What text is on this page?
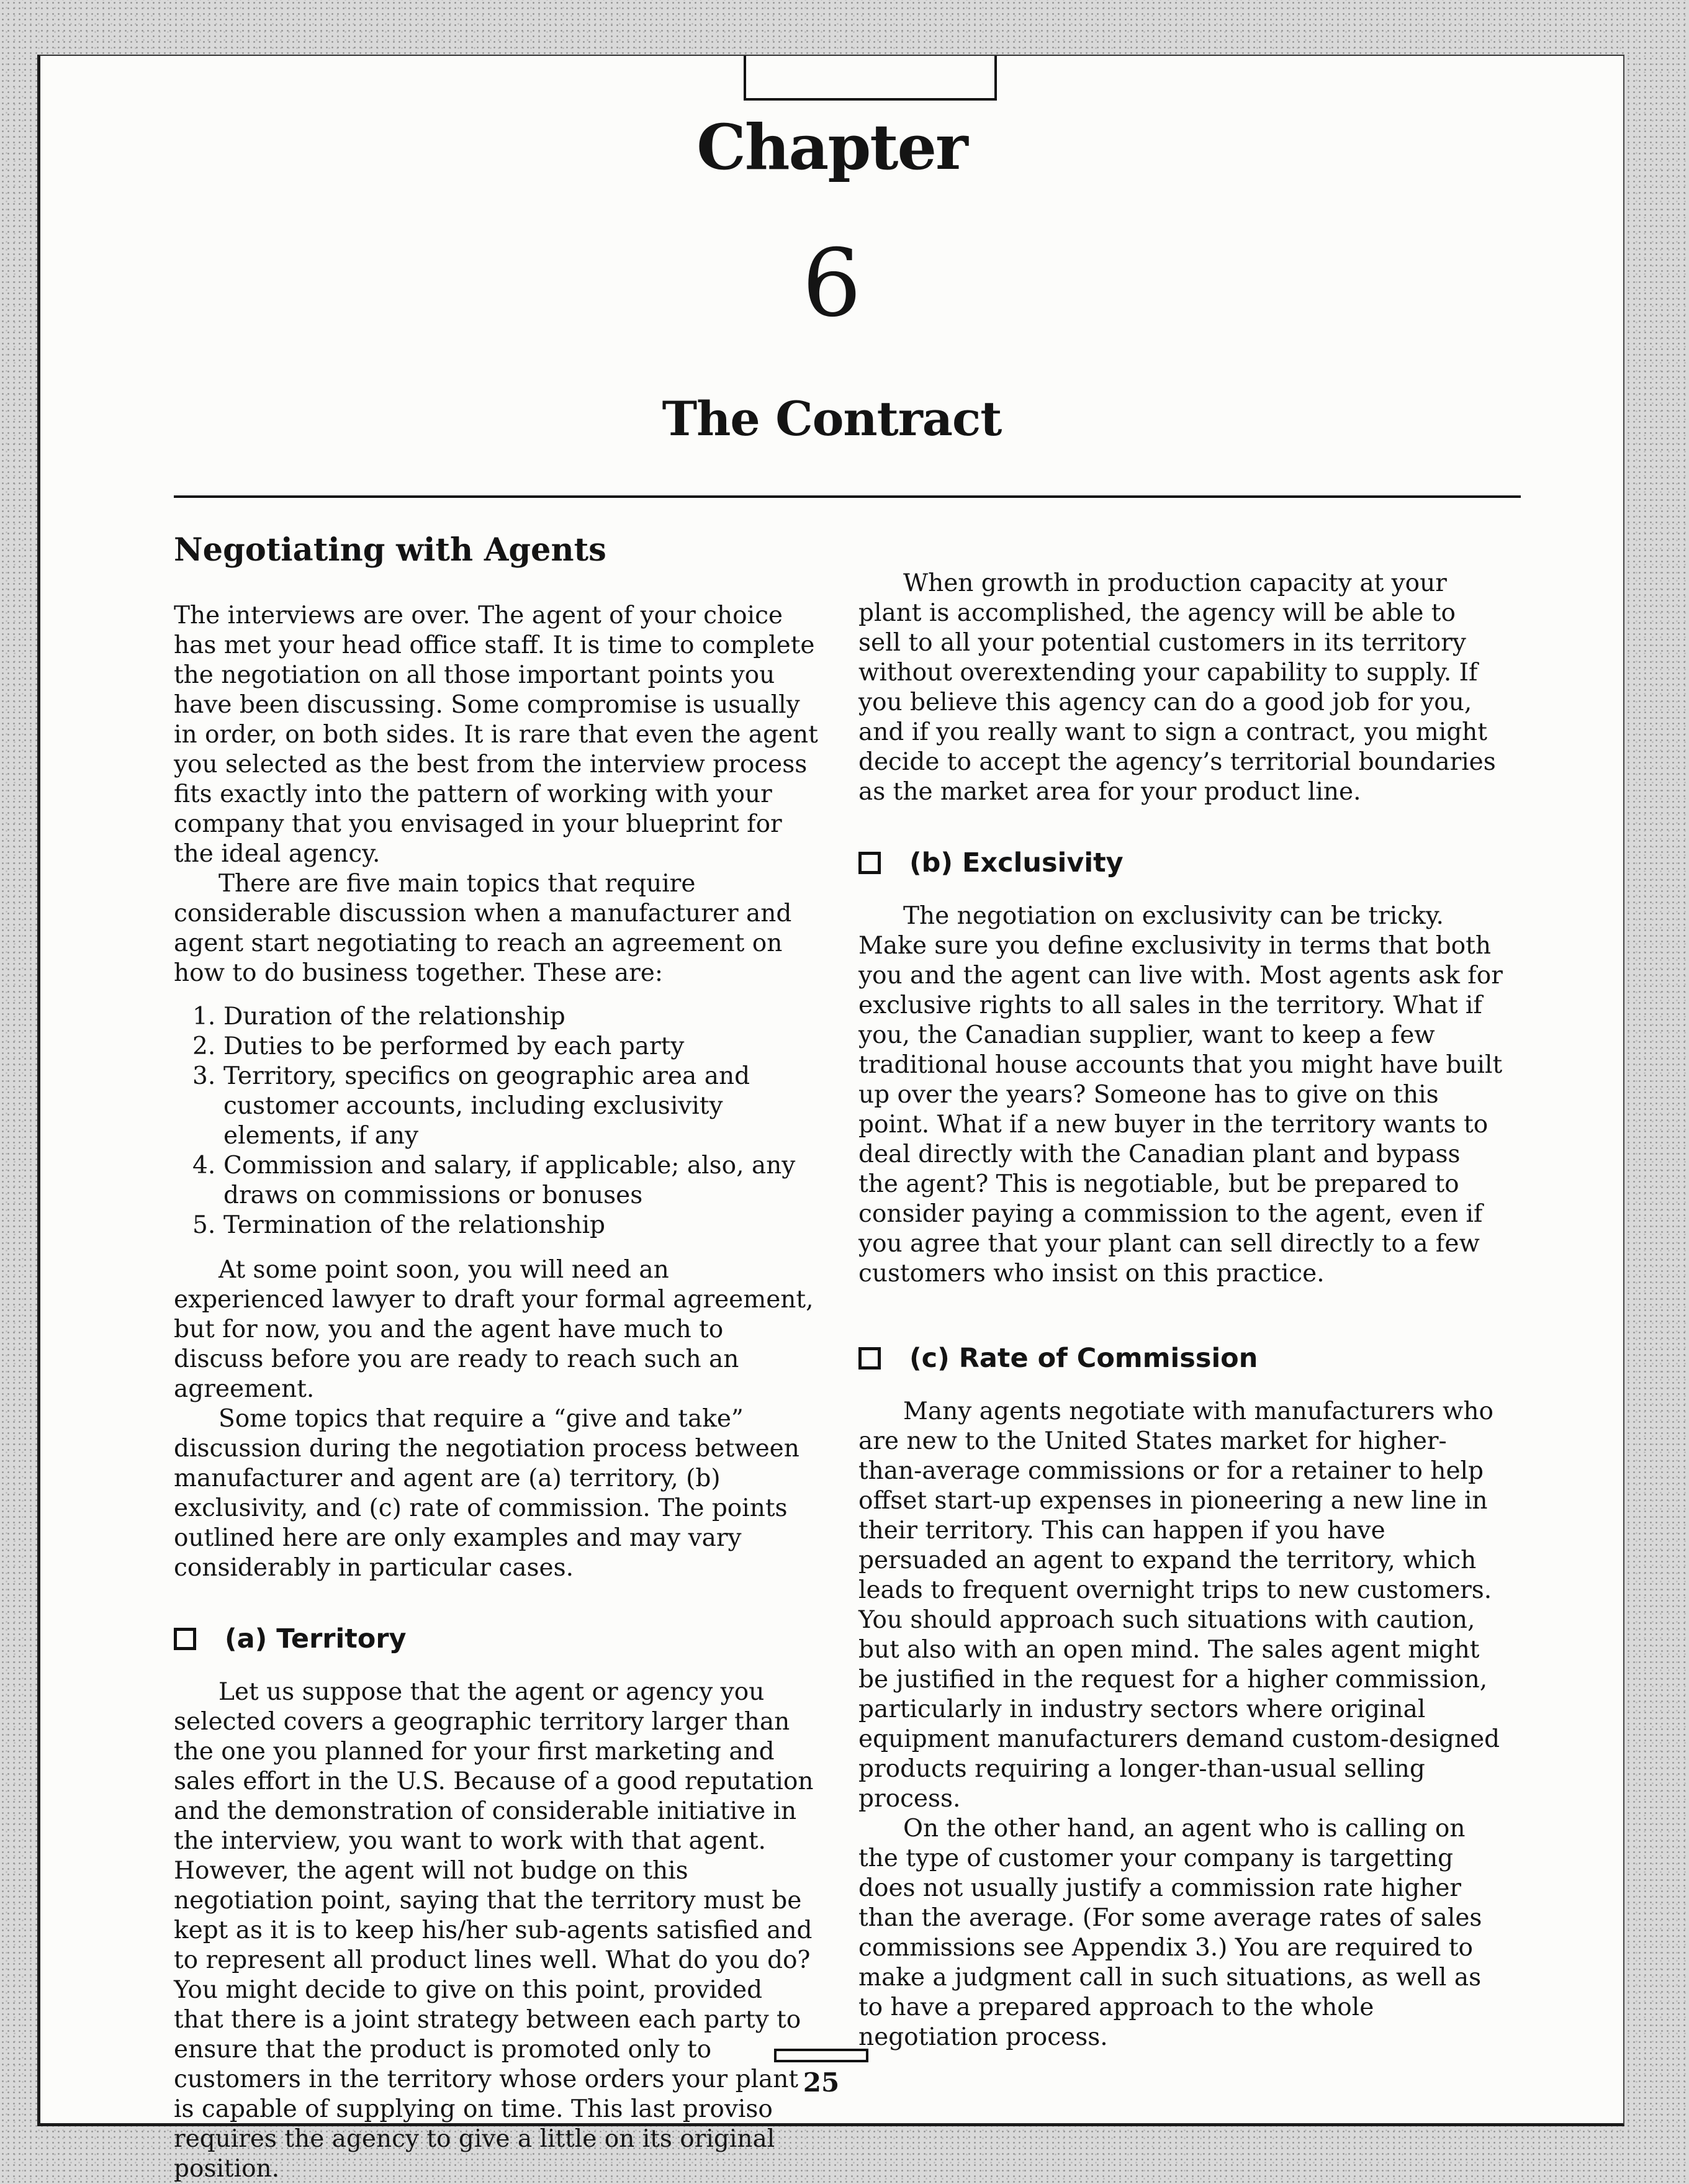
Chapter
6
The Contract
Negotiating with Agents

The interviews are over. The agent of your choice has met your head office staff. It is time to complete the negotiation on all those important points you have been discussing. Some compromise is usually in order, on both sides. It is rare that even the agent you selected as the best from the interview process fits exactly into the pattern of working with your company that you envisaged in your blueprint for the ideal agency.

There are five main topics that require considerable discussion when a manufacturer and agent start negotiating to reach an agreement on how to do business together. These are:

1. Duration of the relationship
2. Duties to be performed by each party
3. Territory, specifics on geographic area and customer accounts, including exclusivity elements, if any
4. Commission and salary, if applicable; also, any draws on commissions or bonuses
5. Termination of the relationship

At some point soon, you will need an experienced lawyer to draft your formal agreement, but for now, you and the agent have much to discuss before you are ready to reach such an agreement.

Some topics that require a “give and take” discussion during the negotiation process between manufacturer and agent are (a) territory, (b) exclusivity, and (c) rate of commission. The points outlined here are only examples and may vary considerably in particular cases.

(a) Territory

Let us suppose that the agent or agency you selected covers a geographic territory larger than the one you planned for your first marketing and sales effort in the U.S. Because of a good reputation and the demonstration of considerable initiative in the interview, you want to work with that agent. However, the agent will not budge on this negotiation point, saying that the territory must be kept as it is to keep his/her sub-agents satisfied and to represent all product lines well. What do you do? You might decide to give on this point, provided that there is a joint strategy between each party to ensure that the product is promoted only to customers in the territory whose orders your plant is capable of supplying on time. This last proviso requires the agency to give a little on its original position.

When growth in production capacity at your plant is accomplished, the agency will be able to sell to all your potential customers in its territory without overextending your capability to supply. If you believe this agency can do a good job for you, and if you really want to sign a contract, you might decide to accept the agency’s territorial boundaries as the market area for your product line.

(b) Exclusivity

The negotiation on exclusivity can be tricky. Make sure you define exclusivity in terms that both you and the agent can live with. Most agents ask for exclusive rights to all sales in the territory. What if you, the Canadian supplier, want to keep a few traditional house accounts that you might have built up over the years? Someone has to give on this point. What if a new buyer in the territory wants to deal directly with the Canadian plant and bypass the agent? This is negotiable, but be prepared to consider paying a commission to the agent, even if you agree that your plant can sell directly to a few customers who insist on this practice.

(c) Rate of Commission

Many agents negotiate with manufacturers who are new to the United States market for higher-than-average commissions or for a retainer to help offset start-up expenses in pioneering a new line in their territory. This can happen if you have persuaded an agent to expand the territory, which leads to frequent overnight trips to new customers. You should approach such situations with caution, but also with an open mind. The sales agent might be justified in the request for a higher commission, particularly in industry sectors where original equipment manufacturers demand custom-designed products requiring a longer-than-usual selling process.

On the other hand, an agent who is calling on the type of customer your company is targetting does not usually justify a commission rate higher than the average. (For some average rates of sales commissions see Appendix 3.) You are required to make a judgment call in such situations, as well as to have a prepared approach to the whole negotiation process.

25
